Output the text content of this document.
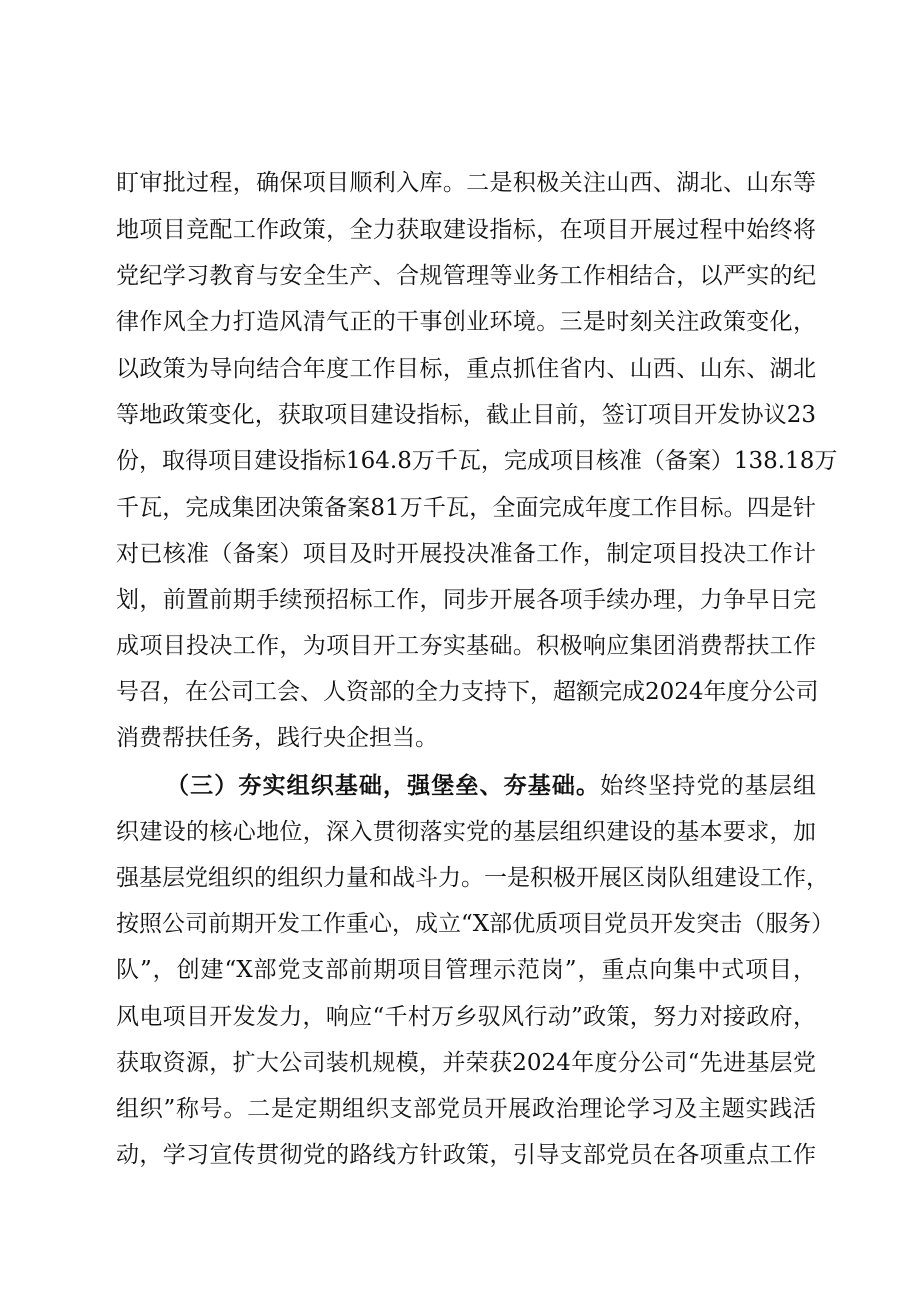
盯审批过程，确保项目顺利入库。二是积极关注山西、湖北、山东等
地项目竞配工作政策，全力获取建设指标，在项目开展过程中始终将
党纪学习教育与安全生产、合规管理等业务工作相结合，以严实的纪
律作风全力打造风清气正的干事创业环境。三是时刻关注政策变化，
以政策为导向结合年度工作目标，重点抓住省内、山西、山东、湖北
等地政策变化，获取项目建设指标，截止目前，签订项目开发协议23
份，取得项目建设指标164.8万千瓦，完成项目核准（备案）138.18万
千瓦，完成集团决策备案81万千瓦，全面完成年度工作目标。四是针
对已核准（备案）项目及时开展投决准备工作，制定项目投决工作计
划，前置前期手续预招标工作，同步开展各项手续办理，力争早日完
成项目投决工作，为项目开工夯实基础。积极响应集团消费帮扶工作
号召，在公司工会、人资部的全力支持下，超额完成2024年度分公司
消费帮扶任务，践行央企担当。
（三）夯实组织基础，强堡垒、夯基础。始终坚持党的基层组
织建设的核心地位，深入贯彻落实党的基层组织建设的基本要求，加
强基层党组织的组织力量和战斗力。一是积极开展区岗队组建设工作，
按照公司前期开发工作重心，成立“X部优质项目党员开发突击（服务）
队”，创建“X部党支部前期项目管理示范岗”，重点向集中式项目，
风电项目开发发力，响应“千村万乡驭风行动”政策，努力对接政府，
获取资源，扩大公司装机规模，并荣获2024年度分公司“先进基层党
组织”称号。二是定期组织支部党员开展政治理论学习及主题实践活
动，学习宣传贯彻党的路线方针政策，引导支部党员在各项重点工作
